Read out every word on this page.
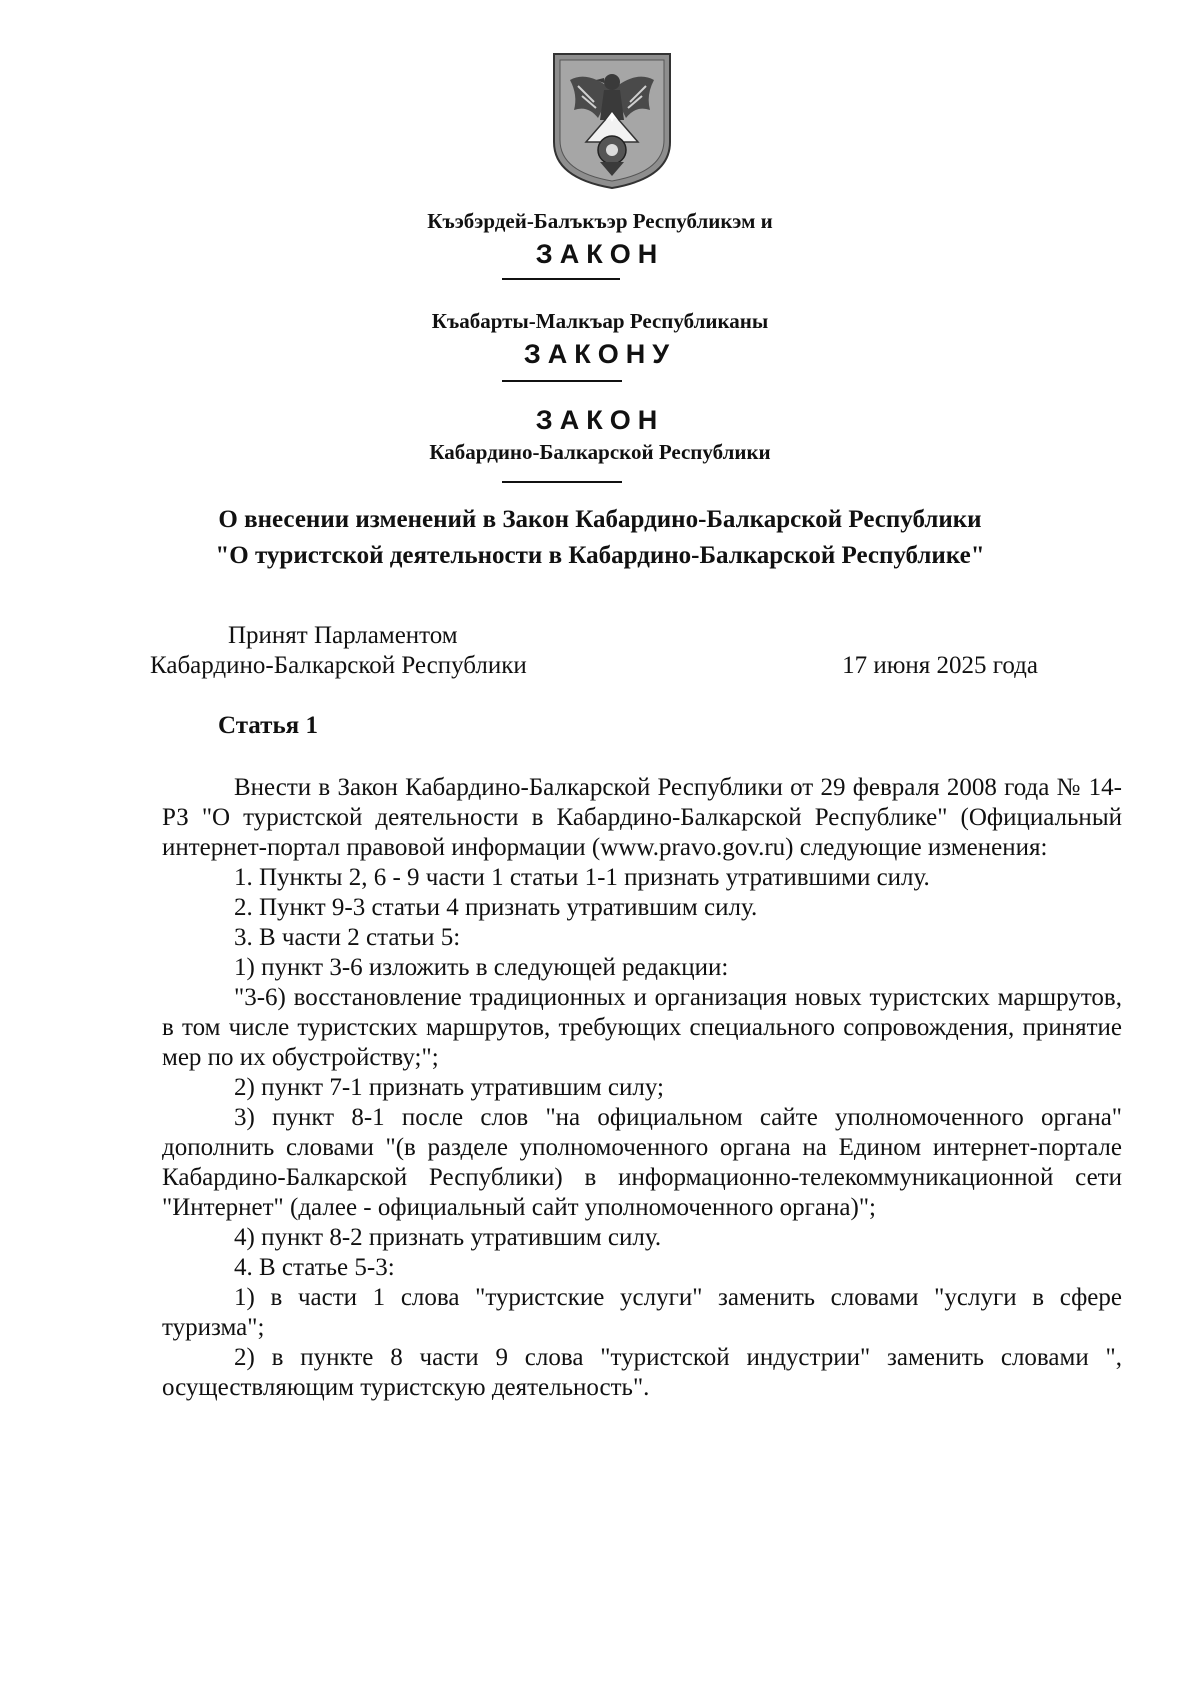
Къэбэрдей-Балъкъэр Республикэм и
ЗАКОН
Къабарты-Малкъар Республиканы
ЗАКОНУ
ЗАКОН
Кабардино-Балкарской Республики
О внесении изменений в Закон Кабардино-Балкарской Республики
"О туристской деятельности в Кабардино-Балкарской Республике"
Принят Парламентом
Кабардино-Балкарской Республики	17 июня 2025 года
Статья 1

Внести в Закон Кабардино-Балкарской Республики от 29 февраля 2008 года № 14-РЗ "О туристской деятельности в Кабардино-Балкарской Республике" (Официальный интернет-портал правовой информации (www.pravo.gov.ru) следующие изменения:

1. Пункты 2, 6 - 9 части 1 статьи 1-1 признать утратившими силу.

2. Пункт 9-3 статьи 4 признать утратившим силу.

3. В части 2 статьи 5:

1) пункт 3-6 изложить в следующей редакции:

"3-6) восстановление традиционных и организация новых туристских маршрутов, в том числе туристских маршрутов, требующих специального сопровождения, принятие мер по их обустройству;";

2) пункт 7-1 признать утратившим силу;

3) пункт 8-1 после слов "на официальном сайте уполномоченного органа" дополнить словами "(в разделе уполномоченного органа на Едином интернет-портале Кабардино-Балкарской Республики) в информационно-телекоммуникационной сети "Интернет" (далее - официальный сайт уполномоченного органа)";

4) пункт 8-2 признать утратившим силу.

4. В статье 5-3:

1) в части 1 слова "туристские услуги" заменить словами "услуги в сфере туризма";

2) в пункте 8 части 9 слова "туристской индустрии" заменить словами ", осуществляющим туристскую деятельность".
